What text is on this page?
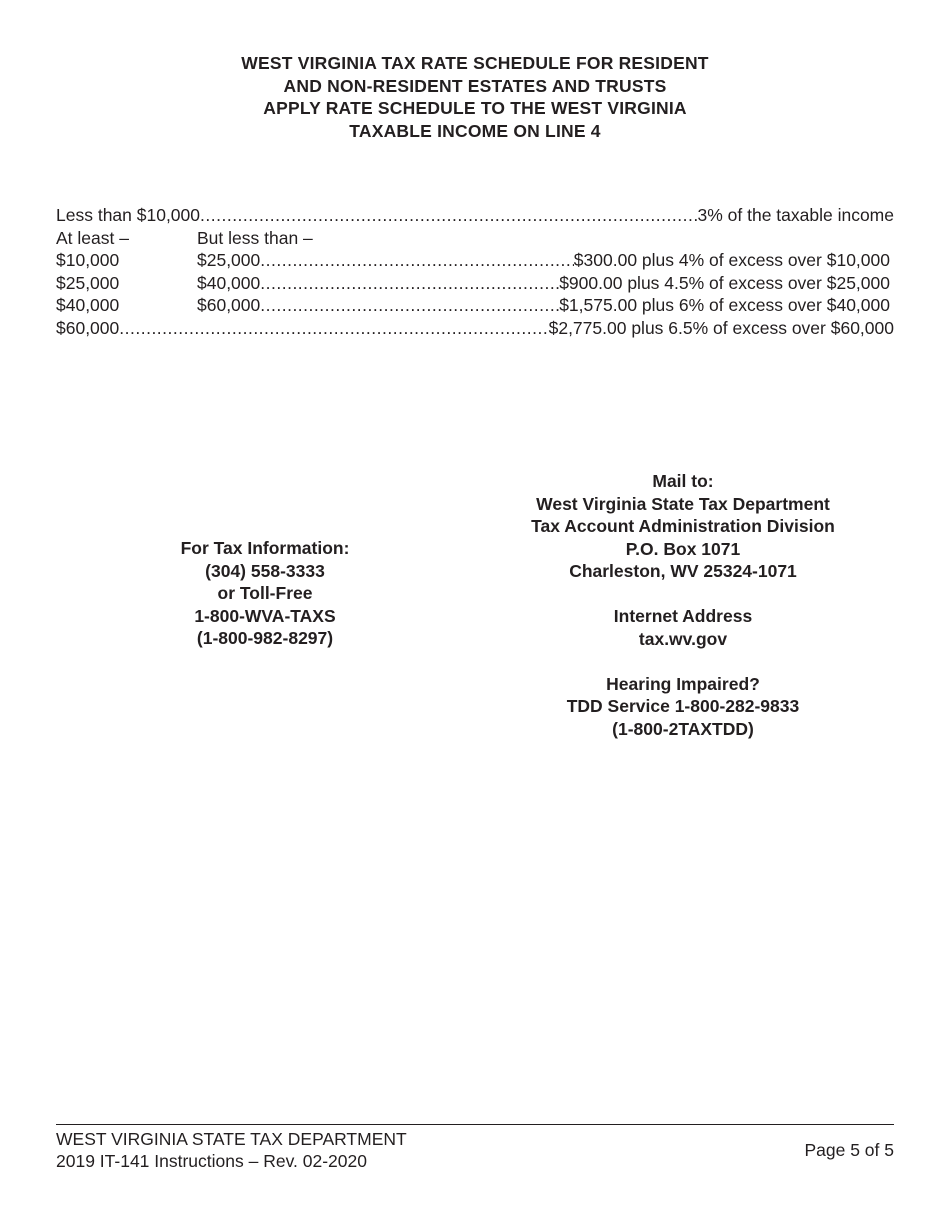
WEST VIRGINIA TAX RATE SCHEDULE FOR RESIDENT
AND NON-RESIDENT ESTATES AND TRUSTS
APPLY RATE SCHEDULE TO THE WEST VIRGINIA
TAXABLE INCOME ON LINE 4
Less than $10,000 .....	3% of the taxable income
At least –	But less than –
$10,000	$25,000 .....	$300.00 plus 4% of excess over $10,000
$25,000	$40,000 .....	$900.00 plus 4.5% of excess over $25,000
$40,000	$60,000 .....	$1,575.00 plus 6% of excess over $40,000
$60,000 .....	$2,775.00 plus 6.5% of excess over $60,000
For Tax Information:
(304) 558-3333
or Toll-Free
1-800-WVA-TAXS
(1-800-982-8297)
Mail to:
West Virginia State Tax Department
Tax Account Administration Division
P.O. Box 1071
Charleston, WV 25324-1071
Internet Address
tax.wv.gov
Hearing Impaired?
TDD Service 1-800-282-9833
(1-800-2TAXTDD)
WEST VIRGINIA STATE TAX DEPARTMENT
2019 IT-141 Instructions – Rev. 02-2020
Page 5 of 5
